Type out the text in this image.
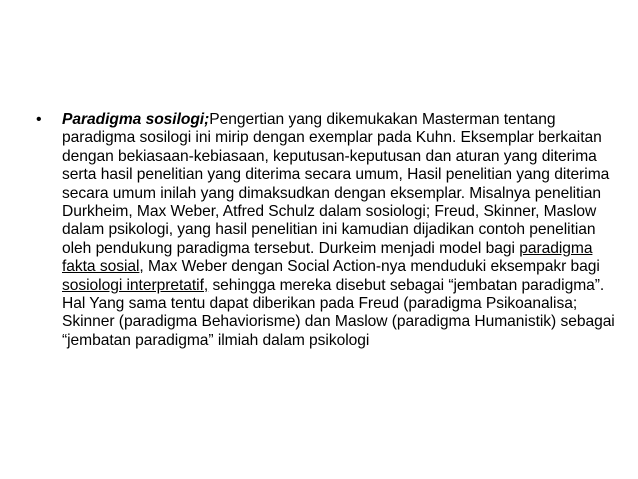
•	Paradigma sosilogi;Pengertian yang dikemukakan Masterman tentang paradigma sosilogi ini mirip dengan exemplar pada Kuhn. Eksemplar berkaitan dengan bekiasaan-kebiasaan, keputusan-keputusan dan aturan yang diterima serta hasil penelitian yang diterima secara umum, Hasil penelitian yang diterima secara umum inilah yang dimaksudkan dengan eksemplar. Misalnya penelitian Durkheim, Max Weber, Atfred Schulz dalam sosiologi; Freud, Skinner, Maslow dalam psikologi, yang hasil penelitian ini kamudian dijadikan contoh penelitian oleh pendukung paradigma tersebut. Durkeim menjadi model bagi paradigma fakta sosial, Max Weber dengan Social Action-nya menduduki eksempakr bagi sosiologi interpretatif, sehingga mereka disebut sebagai “jembatan paradigma”. Hal Yang sama tentu dapat diberikan pada Freud (paradigma Psikoanalisa; Skinner (paradigma Behaviorisme) dan Maslow (paradigma Humanistik) sebagai “jembatan paradigma” ilmiah dalam psikologi
